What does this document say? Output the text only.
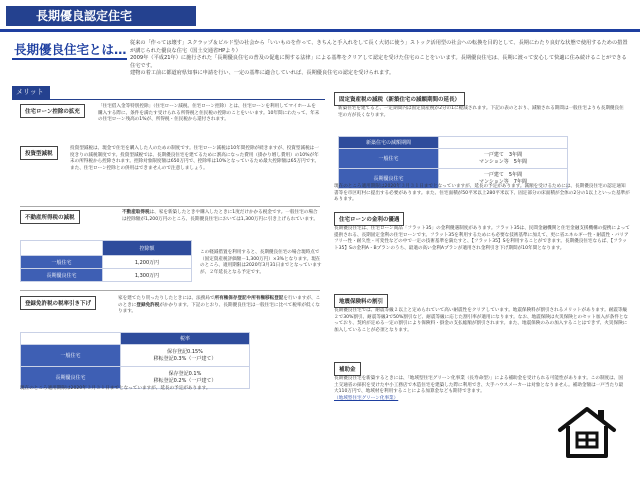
長期優良認定住宅
長期優良住宅とは… 従来の「作っては壊す」スクラップ＆ビルド型の社会から「いいものを作って、きちんと手入れをして長く大切に使う」ストック活用型の社会への転換を目的として、長期にわたり良好な状態で使用するための措置が講じられた優良な住宅（国土交通省HPより）

2009年（平成21年）に施行された「長期優良住宅の普及の促進に関する法律」による基準をクリアして認定を受けた住宅のことをいいます。長期優良住宅は、長期に渡って安心して快適に住み続けることができる住宅です。

建物の着工前に都道府県知事に申請を行い、一定の基準に適合していれば、長期優良住宅の認定を受けられます。

メリット
住宅ローン控除の拡充
「住宅借入金等特別控除」（住宅ローン減税、住宅ローン控除）とは、住宅ローンを利用してマイホームを購入する際に、条件を満たす受けられる所得税と住民税の控除のことをいいます。10年間にわたって、年末の住宅ローン残高の1%が、所得税・住民税から還付されます。
投資型減税
投資型減税は、現金で住宅を購入した人のための制度です。住宅ローン減税は10年間控除が続きますが、投資型減税は一度きりの減税制度です。投資型減税では、長期優良住宅を建てるために割高になった費用（掛かり増し費用）の10%が年末の所得税から控除されます。控除対象限度額は650万円で、控除率は10%となっているため最大控除額は65万円です。また、住宅ローン控除との併用はできませんので注意しましょう。
不動産所得税の減税
不動産取得税は、家を新築したときや購入したときに1度だけかかる税金です。一般住宅の場合は控除額が1,200万円のところ、長期優良住宅においては1,300万円に引き上げられています。
	控除額
一般住宅	1,200万円
長期優良住宅	1,300万円
この軽減措置を利用すると、長期優良住宅の場合現時点で（固定資産税評価額－1,300万円）×3%となります。現在のところ、適用期限は2020年3月31日までとなっていますが、２年延長となる予定です。
登録免許税の税率引き下げ
家を建てたり買ったりしたときには、法務局で所有権保存登記や所有権移転登記を行いますが、このときに登録免許税がかかります。下記のとおり、長期優良住宅は一般住宅に比べて税率が低くなります。
	税率
一般住宅	保存登記0.15%
移転登記0.3%（一戸建て）

長期優良住宅	保存登記0.1%
移転登記0.2%（一戸建て）
現在のところ適用期限は2020年３月３１日までとなっていますが、延長の予定があります。
固定資産税の減税（新築住宅の減額期間の延長）
新築住宅を建てると、一定期間内は固定資産税が2分の1に軽減されます。下記の表のとおり、減額される期間は一般住宅よりも長期優良住宅の方が長くなります。
新築住宅の減額期間	
一般住宅	一戸建て　3年間
マンション等　5年間

長期優良住宅	一戸建て　5年間
マンション等　7年間
現在のところ適用期限は2020年３月３１日までとなっていますが、延長の予定があります。減額を受けるためには、長期優良住宅の認定通知書等を市区町村に提出する必要があります。また、住宅面積が50平米以上280平米以下、固定部分の床面積が全体の2分の1以上といった基準があります。
住宅ローンの金利の優遇
長期優良住宅は、住宅ローン商品「フラット35」の金利優遇制度があります。フラット35は、民間金融機関と住宅金融支援機構の提携によって提供される、長期固定金利の住宅ローンです。フラット35を利用するためにも必要な技術基準に加えて、更に省エネルギー性・耐震性・バリアフリー性・耐久性・可変性などの中で一定の技術基準を満たすと、【フラット35】Sを利用することができます。長期優良住宅ならば、【フラット35】Sの金利A・Bプランのうち、最適の高い金利Aプランが適用され金利引き下げ期間が10年間となります。
地震保険料の割引
長期優良住宅では、耐震等級２以上と定められていて高い耐震性をクリアしています。地震保険料が割引されるメリットがあります。耐震等級２で30%割引、耐震等級3で50%割引など、耐震等級に応じた割引率が適用になります。なお、地震保険は火災保険とのセット加入が条件となっており、契約が定める一定の割引により保険料・掛金の支払総額が割引されます。また、地震保険のみの加入することはできず、火災保険に加入していることが必須となります。
補助金
長期優良住宅を新築するときには、「地域型住宅グリーン化事業（長寿命型）」による補助金を受けられる可能性があります。この制度は、国土交通省の採択を受けた中小工務店で木造住宅を建築した際に利用でき、大手ハウスメーカーは対象となりません。補助金額は一戸当たり最大110万円で、地域材を利用することによる加算金なども期待できます。
（地域型住宅グリーン化事業）
